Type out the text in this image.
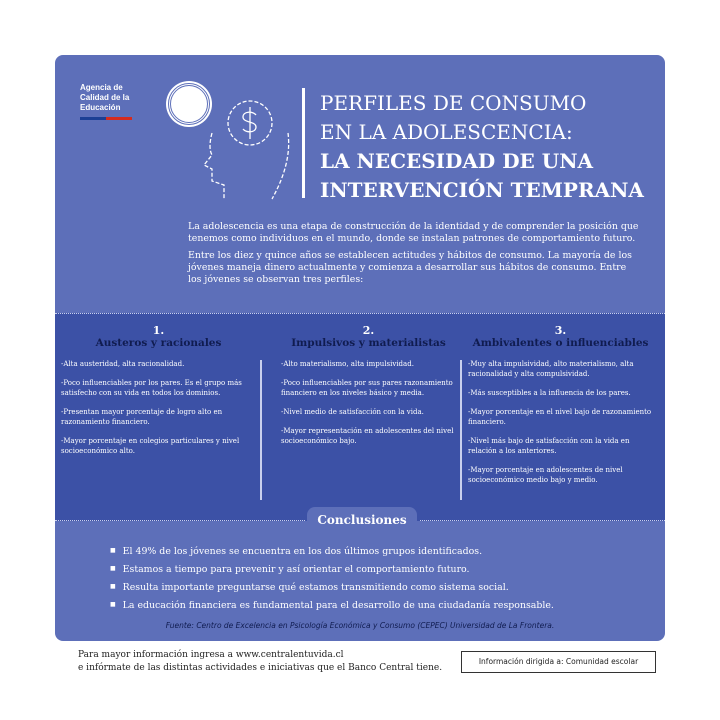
Agencia de
Calidad de la
Educación	PERFILES DE CONSUMO
EN LA ADOLESCENCIA:
LA NECESIDAD DE UNA
INTERVENCIÓN TEMPRANA

La adolescencia es una etapa de construcción de la identidad y de comprender la posición que tenemos como individuos en el mundo, donde se instalan patrones de comportamiento futuro.

Entre los diez y quince años se establecen actitudes y hábitos de consumo. La mayoría de los jóvenes maneja dinero actualmente y comienza a desarrollar sus hábitos de consumo. Entre los jóvenes se observan tres perfiles:

1.
Austeros y racionales

-Alta austeridad, alta racionalidad.

-Poco influenciables por los pares. Es el grupo más satisfecho con su vida en todos los dominios.

-Presentan mayor porcentaje de logro alto en razonamiento financiero.

-Mayor porcentaje en colegios particulares y nivel socioeconómico alto.

2.
Impulsivos y materialistas

-Alto materialismo, alta impulsividad.

-Poco influenciables por sus pares razonamiento financiero en los niveles básico y media.

-Nivel medio de satisfacción con la vida.

-Mayor representación en adolescentes del nivel socioeconómico bajo.

3.
Ambivalentes o influenciables

-Muy alta impulsividad, alto materialismo, alta racionalidad y alta compulsividad.

-Más susceptibles a la influencia de los pares.

-Mayor porcentaje en el nivel bajo de razonamiento financiero.

-Nivel más bajo de satisfacción con la vida en relación a los anteriores.

-Mayor porcentaje en adolescentes de nivel socioeconómico medio bajo y medio.

Conclusiones
■ El 49% de los jóvenes se encuentra en los dos últimos grupos identificados.
■ Estamos a tiempo para prevenir y así orientar el comportamiento futuro.
■ Resulta importante preguntarse qué estamos transmitiendo como sistema social.
■ La educación financiera es fundamental para el desarrollo de una ciudadanía responsable.
Fuente: Centro de Excelencia en Psicología Económica y Consumo (CEPEC) Universidad de La Frontera.
Para mayor información ingresa a www.centralentuvida.cl
e infórmate de las distintas actividades e iniciativas que el Banco Central tiene.
Información dirigida a: Comunidad escolar
